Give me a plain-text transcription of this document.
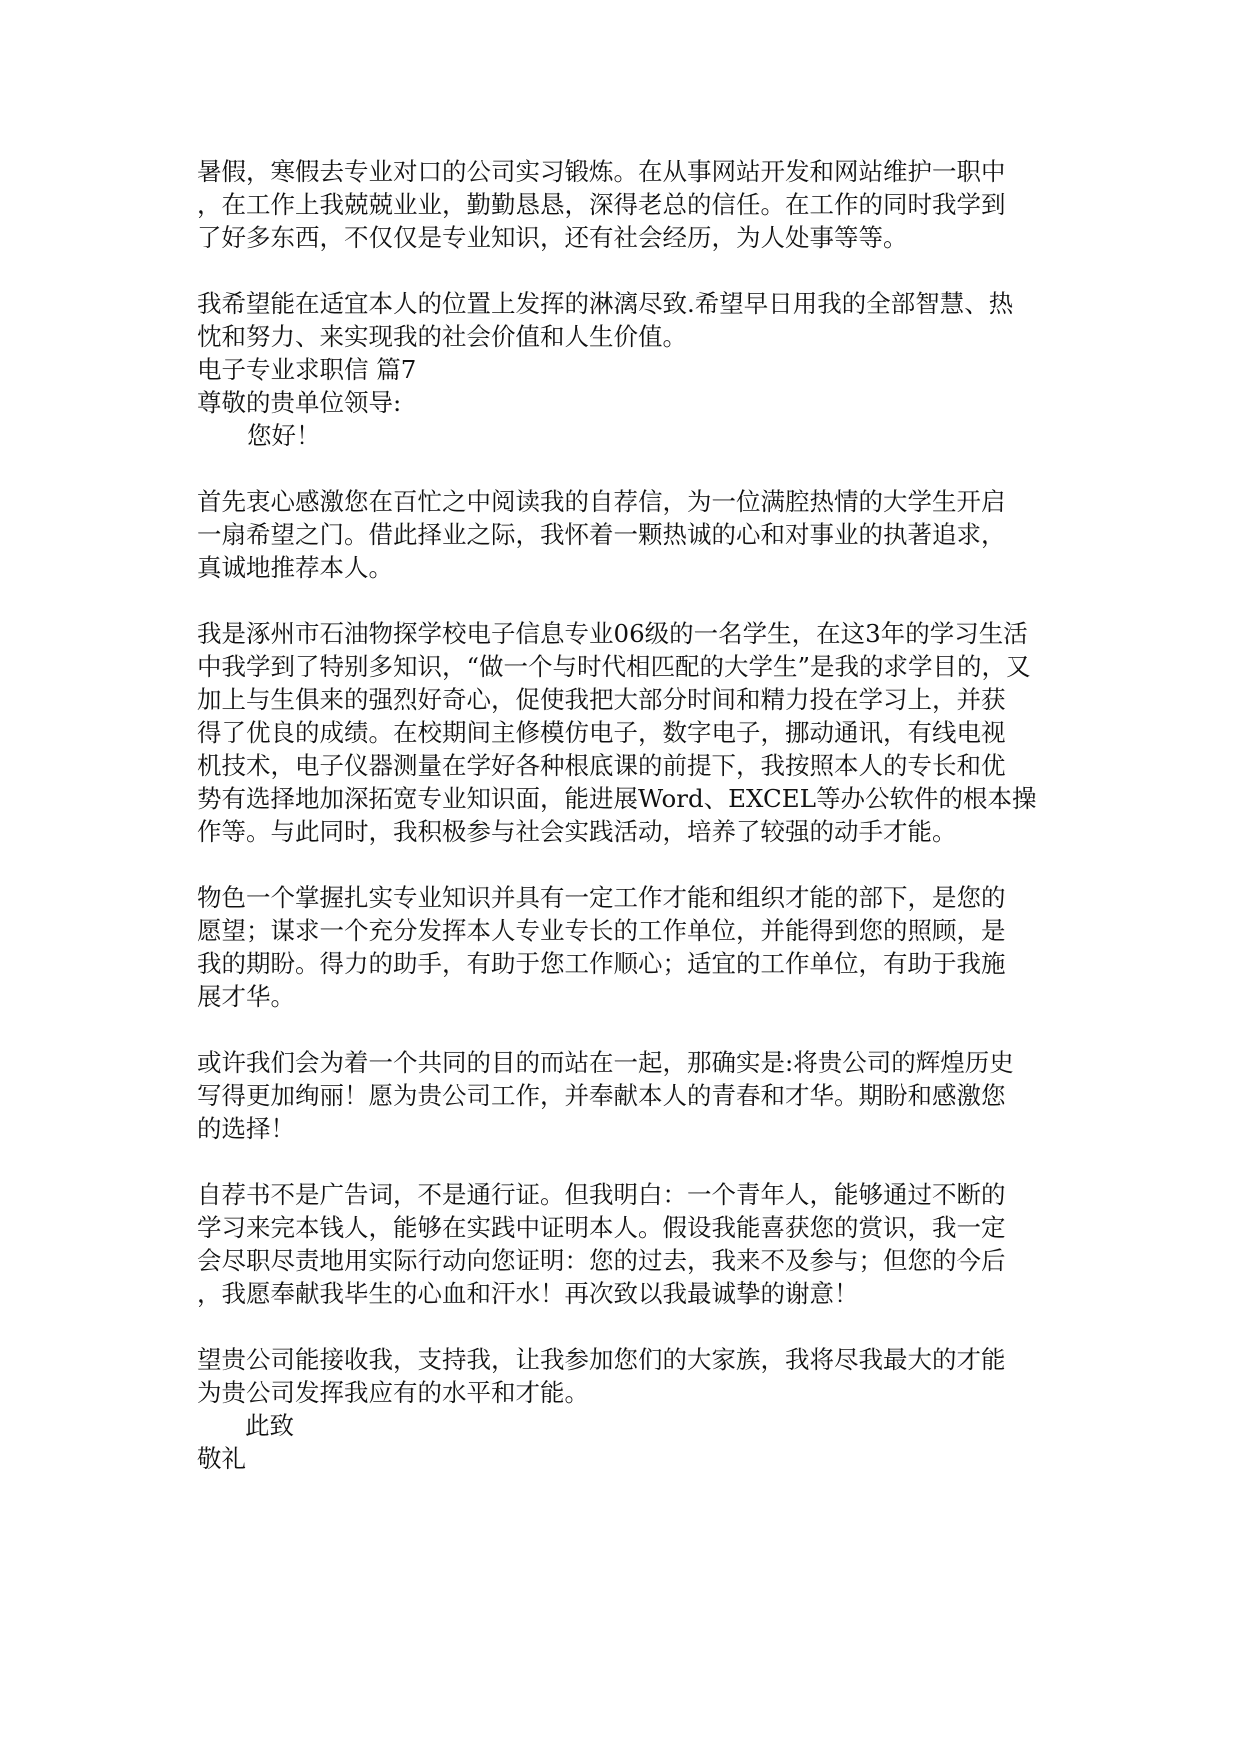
暑假，寒假去专业对口的公司实习锻炼。在从事网站开发和网站维护一职中
，在工作上我兢兢业业，勤勤恳恳，深得老总的信任。在工作的同时我学到
了好多东西，不仅仅是专业知识，还有社会经历，为人处事等等。
我希望能在适宜本人的位置上发挥的淋漓尽致.希望早日用我的全部智慧、热
忱和努力、来实现我的社会价值和人生价值。
电子专业求职信 篇7
尊敬的贵单位领导:
您好！
首先衷心感激您在百忙之中阅读我的自荐信，为一位满腔热情的大学生开启
一扇希望之门。借此择业之际，我怀着一颗热诚的心和对事业的执著追求，
真诚地推荐本人。
我是涿州市石油物探学校电子信息专业06级的一名学生，在这3年的学习生活
中我学到了特别多知识，“做一个与时代相匹配的大学生”是我的求学目的，又
加上与生俱来的强烈好奇心，促使我把大部分时间和精力投在学习上，并获
得了优良的成绩。在校期间主修模仿电子，数字电子，挪动通讯，有线电视
机技术，电子仪器测量在学好各种根底课的前提下，我按照本人的专长和优
势有选择地加深拓宽专业知识面，能进展Word、EXCEL等办公软件的根本操
作等。与此同时，我积极参与社会实践活动，培养了较强的动手才能。
物色一个掌握扎实专业知识并具有一定工作才能和组织才能的部下，是您的
愿望；谋求一个充分发挥本人专业专长的工作单位，并能得到您的照顾，是
我的期盼。得力的助手，有助于您工作顺心；适宜的工作单位，有助于我施
展才华。
或许我们会为着一个共同的目的而站在一起，那确实是:将贵公司的辉煌历史
写得更加绚丽！愿为贵公司工作，并奉献本人的青春和才华。期盼和感激您
的选择！
自荐书不是广告词，不是通行证。但我明白：一个青年人，能够通过不断的
学习来完本钱人，能够在实践中证明本人。假设我能喜获您的赏识，我一定
会尽职尽责地用实际行动向您证明：您的过去，我来不及参与；但您的今后
，我愿奉献我毕生的心血和汗水！再次致以我最诚挚的谢意！
望贵公司能接收我，支持我，让我参加您们的大家族，我将尽我最大的才能
为贵公司发挥我应有的水平和才能。
此致
敬礼
